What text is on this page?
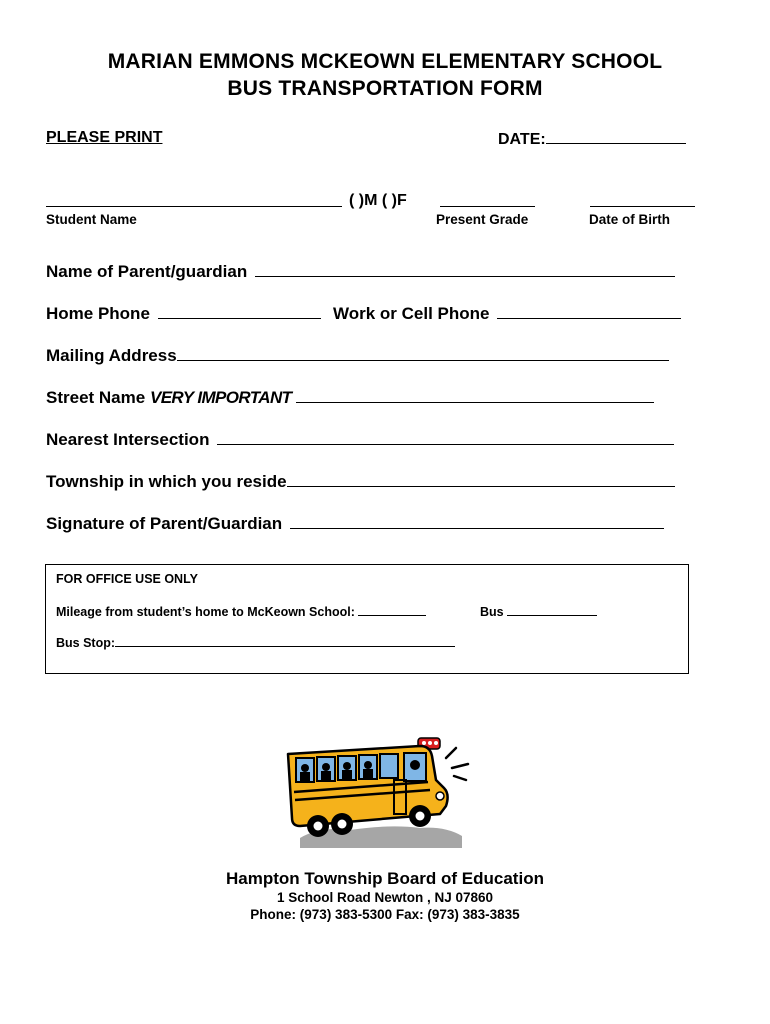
MARIAN EMMONS MCKEOWN ELEMENTARY SCHOOL
BUS TRANSPORTATION FORM
PLEASE PRINT	DATE:
( )M ( )F
Student Name	Present Grade	Date of Birth
Name of Parent/guardian
Home Phone	Work or Cell Phone
Mailing Address
Street Name VERY IMPORTANT
Nearest Intersection
Township in which you reside
Signature of Parent/Guardian
FOR OFFICE USE ONLY
Mileage from student’s home to McKeown School:	Bus
Bus Stop:
Hampton Township Board of Education
1 School Road Newton , NJ 07860
Phone: (973) 383-5300 Fax: (973) 383-3835
